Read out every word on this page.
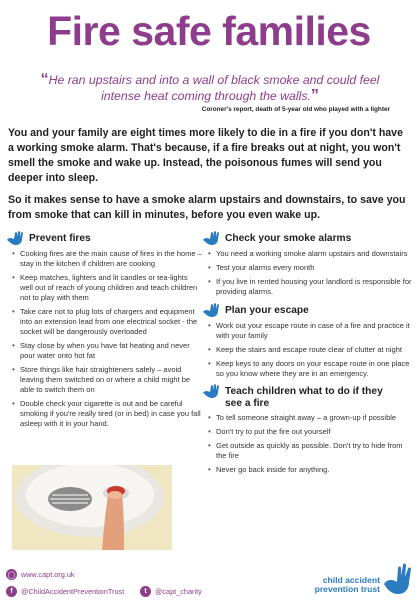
Fire safe families
“He ran upstairs and into a wall of black smoke and could feel intense heat coming through the walls.”
Coroner's report, death of 5-year old who played with a lighter

You and your family are eight times more likely to die in a fire if you don't have a working smoke alarm. That's because, if a fire breaks out at night, you won't smell the smoke and wake up. Instead, the poisonous fumes will send you deeper into sleep.

So it makes sense to have a smoke alarm upstairs and downstairs, to save you from smoke that can kill in minutes, before you even wake up.

Prevent fires
• Cooking fires are the main cause of fires in the home – stay in the kitchen if children are cooking
• Keep matches, lighters and lit candles or tea-lights well out of reach of young children and teach children not to play with them
• Take care not to plug lots of chargers and equipment into an extension lead from one electrical socket - the socket will be dangerously overloaded
• Stay close by when you have fat heating and never pour water onto hot fat
• Store things like hair straighteners safely – avoid leaving them switched on or where a child might be able to switch them on
• Double check your cigarette is out and be careful smoking if you're really tired (or in bed) in case you fall asleep with it in your hand.
Check your smoke alarms
• You need a working smoke alarm upstairs and downstairs
• Test your alarms every month
• If you live in rented housing your landlord is responsible for providing alarms.
Plan your escape
• Work out your escape route in case of a fire and practice it with your family
• Keep the stairs and escape route clear of clutter at night
• Keep keys to any doors on your escape route in one place so you know where they are in an emergency.
Teach children what to do if they see a fire
• To tell someone straight away – a grown-up if possible
• Don't try to put the fire out yourself
• Get outside as quickly as possible. Don't try to hide from the fire
• Never go back inside for anything.
◯ www.capt.org.uk
f	@ChildAccidentPreventionTrust	t	@capt_charity
child accident prevention trust
